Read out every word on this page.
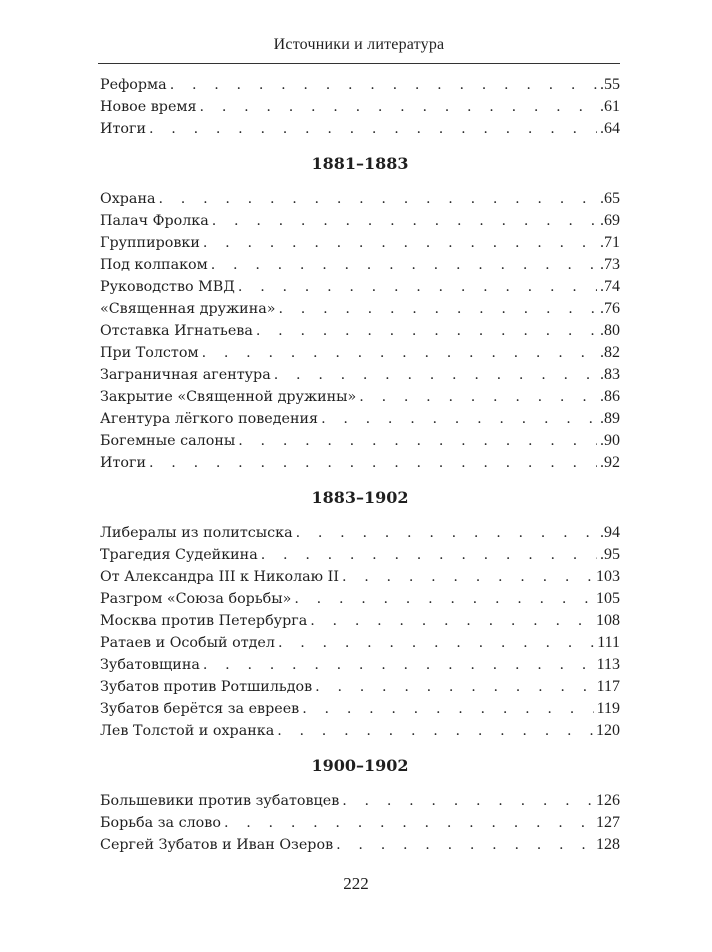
Источники и литература
Реформа . . .	.55
Новое время . . .	.61
Итоги . . .	.64
1881–1883
Охрана . . .	.65
Палач Фролка . . .	.69
Группировки . . .	.71
Под колпаком . . .	.73
Руководство МВД . . .	.74
«Священная дружина» . . .	.76
Отставка Игнатьева . . .	.80
При Толстом . . .	.82
Заграничная агентура . . .	.83
Закрытие «Священной дружины» . . .	.86
Агентура лёгкого поведения . . .	.89
Богемные салоны . . .	.90
Итоги . . .	.92
1883–1902
Либералы из политсыска . . .	.94
Трагедия Судейкина . . .	.95
От Александра III к Николаю II . . .	103
Разгром «Союза борьбы» . . .	105
Москва против Петербурга . . .	108
Ратаев и Особый отдел . . .	111
Зубатовщина . . .	113
Зубатов против Ротшильдов . . .	117
Зубатов берётся за евреев . . .	119
Лев Толстой и охранка . . .	120
1900–1902
Большевики против зубатовцев . . .	126
Борьба за слово . . .	127
Сергей Зубатов и Иван Озеров . . .	128
222
